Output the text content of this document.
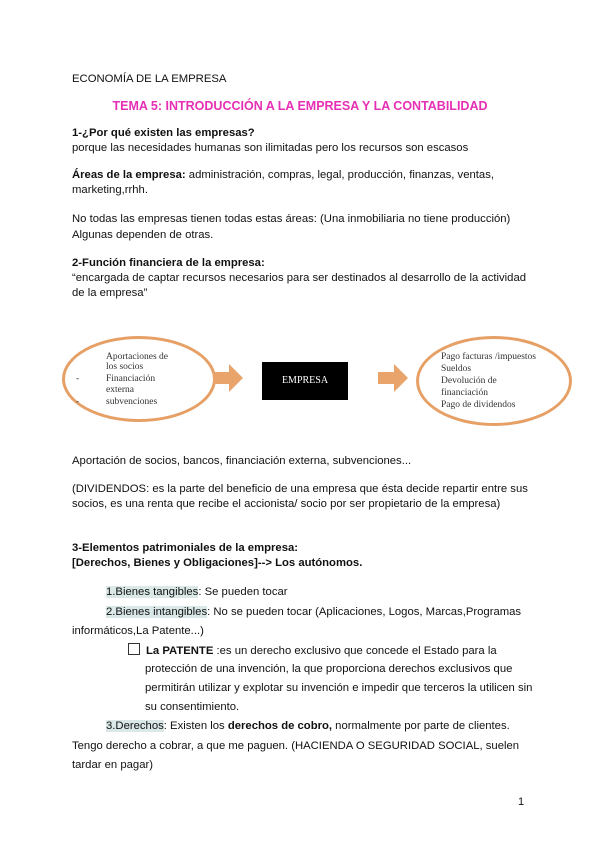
ECONOMÍA DE LA EMPRESA
TEMA 5: INTRODUCCIÓN A LA EMPRESA Y LA CONTABILIDAD
1-¿Por qué existen las empresas?
porque las necesidades humanas son ilimitadas pero los recursos son escasos
Áreas de la empresa: administración, compras, legal, producción, finanzas, ventas,
marketing,rrhh.
No todas las empresas tienen todas estas áreas: (Una inmobiliaria no tiene producción)
Algunas dependen de otras.
2-Función financiera de la empresa:
“encargada de captar recursos necesarios para ser destinados al desarrollo de la actividad
de la empresa”
Aportaciones de
los socios
-	Financiación
externa
-	subvenciones
EMPRESA
Pago facturas /impuestos
Sueldos
Devolución de
financiación
Pago de dividendos
Aportación de socios, bancos, financiación externa, subvenciones...
(DIVIDENDOS: es la parte del beneficio de una empresa que ésta decide repartir entre sus
socios, es una renta que recibe el accionista/ socio por ser propietario de la empresa)
3-Elementos patrimoniales de la empresa:
[Derechos, Bienes y Obligaciones]--> Los autónomos.
1.Bienes tangibles: Se pueden tocar
2.Bienes intangibles: No se pueden tocar (Aplicaciones, Logos, Marcas,Programas
informáticos,La Patente...)
La PATENTE :es un derecho exclusivo que concede el Estado para la
protección de una invención, la que proporciona derechos exclusivos que
permitirán utilizar y explotar su invención e impedir que terceros la utilicen sin
su consentimiento.
3.Derechos: Existen los derechos de cobro, normalmente por parte de clientes.
Tengo derecho a cobrar, a que me paguen. (HACIENDA O SEGURIDAD SOCIAL, suelen
tardar en pagar)
1
